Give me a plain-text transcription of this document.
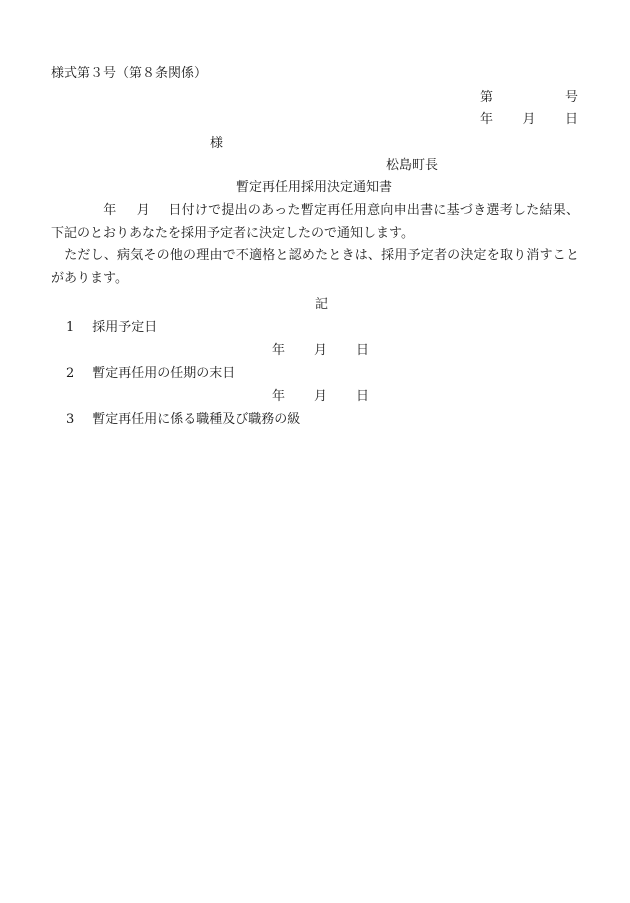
様式第３号（第８条関係）
第	号
年 月 日
様
松島町長
暫定再任用採用決定通知書
年 月 日付けで提出のあった暫定再任用意向申出書に基づき選考した結果、下記のとおりあなたを採用予定者に決定したので通知します。
ただし、病気その他の理由で不適格と認めたときは、採用予定者の決定を取り消すことがあります。
記
1 採用予定日
年 月 日
2 暫定再任用の任期の末日
年 月 日
3 暫定再任用に係る職種及び職務の級
